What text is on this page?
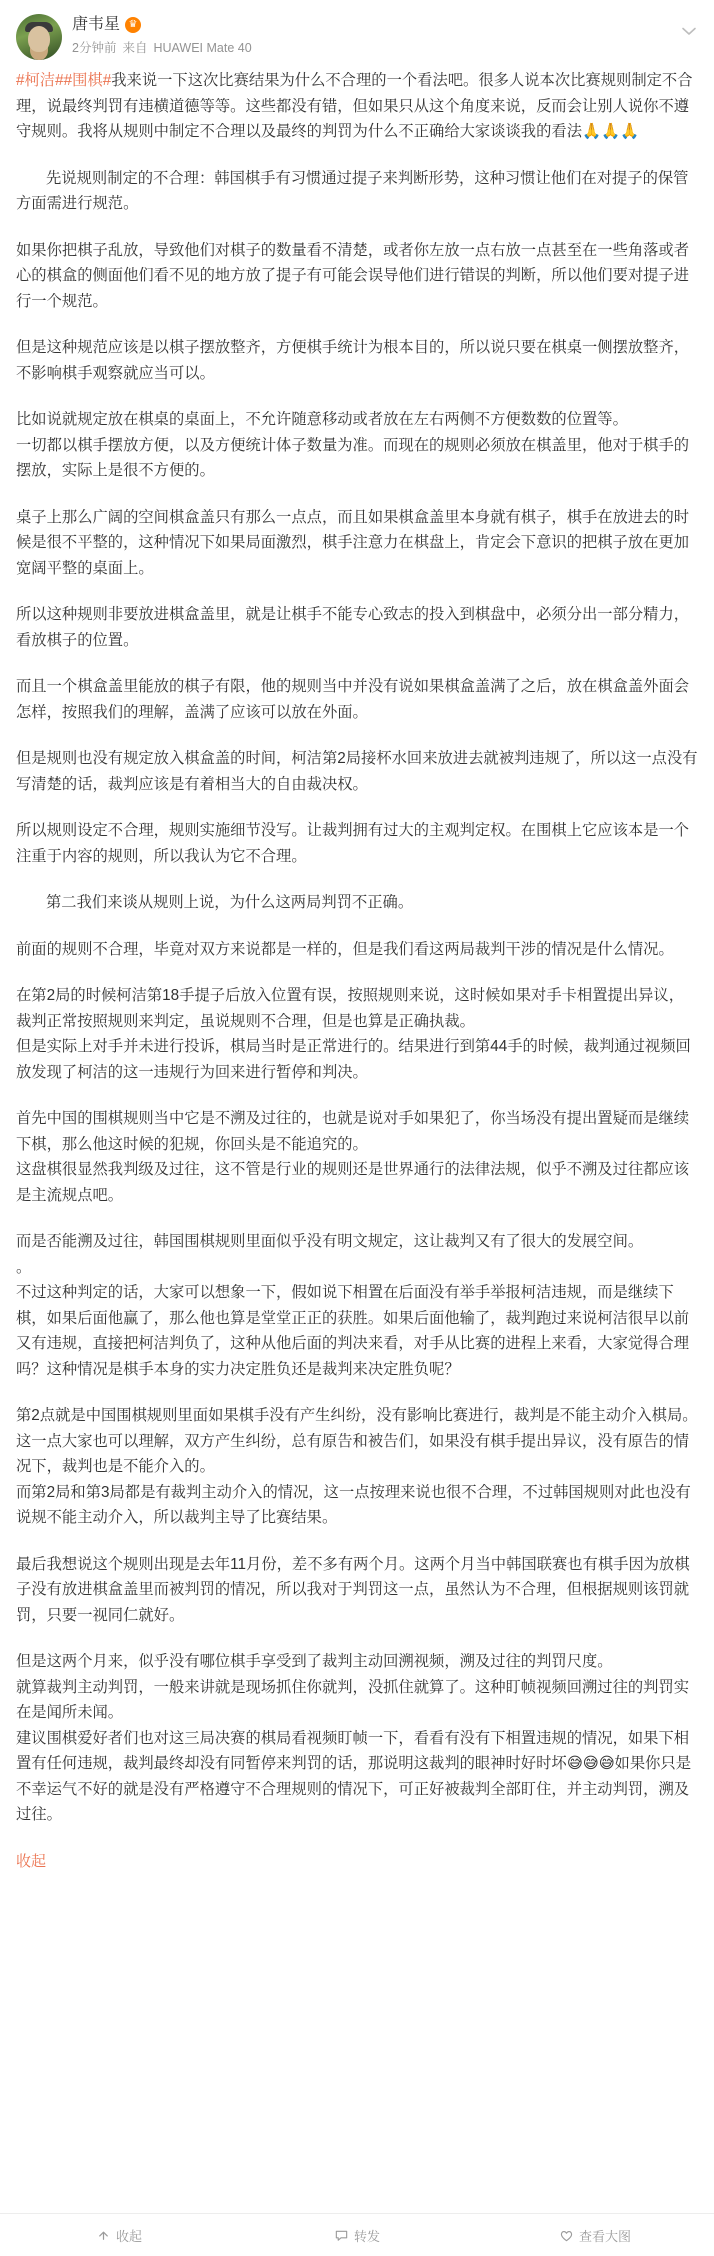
唐韦星 ♛
2分钟前 来自 HUAWEI Mate 40

#柯洁##围棋#我来说一下这次比赛结果为什么不合理的一个看法吧。很多人说本次比赛规则制定不合理，说最终判罚有违横道德等等。这些都没有错，但如果只从这个角度来说，反而会让别人说你不遵守规则。我将从规则中制定不合理以及最终的判罚为什么不正确给大家谈谈我的看法🙏🙏🙏

先说规则制定的不合理：韩国棋手有习惯通过提子来判断形势，这种习惯让他们在对提子的保管方面需进行规范。

如果你把棋子乱放，导致他们对棋子的数量看不清楚，或者你左放一点右放一点甚至在一些角落或者心的棋盒的侧面他们看不见的地方放了提子有可能会误导他们进行错误的判断，所以他们要对提子进行一个规范。

但是这种规范应该是以棋子摆放整齐，方便棋手统计为根本目的，所以说只要在棋桌一侧摆放整齐，不影响棋手观察就应当可以。

比如说就规定放在棋桌的桌面上，不允许随意移动或者放在左右两侧不方便数数的位置等。

一切都以棋手摆放方便，以及方便统计体子数量为准。而现在的规则必须放在棋盖里，他对于棋手的摆放，实际上是很不方便的。

桌子上那么广阔的空间棋盒盖只有那么一点点，而且如果棋盒盖里本身就有棋子，棋手在放进去的时候是很不平整的，这种情况下如果局面激烈，棋手注意力在棋盘上，肯定会下意识的把棋子放在更加宽阔平整的桌面上。

所以这种规则非要放进棋盒盖里，就是让棋手不能专心致志的投入到棋盘中，必须分出一部分精力，看放棋子的位置。

而且一个棋盒盖里能放的棋子有限，他的规则当中并没有说如果棋盒盖满了之后，放在棋盒盖外面会怎样，按照我们的理解，盖满了应该可以放在外面。

但是规则也没有规定放入棋盒盖的时间，柯洁第2局接杯水回来放进去就被判违规了，所以这一点没有写清楚的话，裁判应该是有着相当大的自由裁决权。

所以规则设定不合理，规则实施细节没写。让裁判拥有过大的主观判定权。在围棋上它应该本是一个注重于内容的规则，所以我认为它不合理。

第二我们来谈从规则上说，为什么这两局判罚不正确。

前面的规则不合理，毕竟对双方来说都是一样的，但是我们看这两局裁判干涉的情况是什么情况。

在第2局的时候柯洁第18手提子后放入位置有误，按照规则来说，这时候如果对手卡相置提出异议，裁判正常按照规则来判定，虽说规则不合理，但是也算是正确执裁。

但是实际上对手并未进行投诉，棋局当时是正常进行的。结果进行到第44手的时候，裁判通过视频回放发现了柯洁的这一违规行为回来进行暂停和判决。

首先中国的围棋规则当中它是不溯及过往的，也就是说对手如果犯了，你当场没有提出置疑而是继续下棋，那么他这时候的犯规，你回头是不能追究的。

这盘棋很显然我判级及过往，这不管是行业的规则还是世界通行的法律法规，似乎不溯及过往都应该是主流规点吧。

而是否能溯及过往，韩国围棋规则里面似乎没有明文规定，这让裁判又有了很大的发展空间。

。

不过这种判定的话，大家可以想象一下，假如说下相置在后面没有举手举报柯洁违规，而是继续下棋，如果后面他赢了，那么他也算是堂堂正正的获胜。如果后面他输了，裁判跑过来说柯洁很早以前又有违规，直接把柯洁判负了，这种从他后面的判决来看，对手从比赛的进程上来看，大家觉得合理吗？这种情况是棋手本身的实力决定胜负还是裁判来决定胜负呢？

第2点就是中国围棋规则里面如果棋手没有产生纠纷，没有影响比赛进行，裁判是不能主动介入棋局。

这一点大家也可以理解，双方产生纠纷，总有原告和被告们，如果没有棋手提出异议，没有原告的情况下，裁判也是不能介入的。

而第2局和第3局都是有裁判主动介入的情况，这一点按理来说也很不合理，不过韩国规则对此也没有说规不能主动介入，所以裁判主导了比赛结果。

最后我想说这个规则出现是去年11月份，差不多有两个月。这两个月当中韩国联赛也有棋手因为放棋子没有放进棋盒盖里而被判罚的情况，所以我对于判罚这一点，虽然认为不合理，但根据规则该罚就罚，只要一视同仁就好。

但是这两个月来，似乎没有哪位棋手享受到了裁判主动回溯视频，溯及过往的判罚尺度。

就算裁判主动判罚，一般来讲就是现场抓住你就判，没抓住就算了。这种盯帧视频回溯过往的判罚实在是闻所未闻。

建议围棋爱好者们也对这三局决赛的棋局看视频盯帧一下，看看有没有下相置违规的情况，如果下相置有任何违规，裁判最终却没有同暂停来判罚的话，那说明这裁判的眼神时好时坏😅😅😅如果你只是不幸运气不好的就是没有严格遵守不合理规则的情况下，可正好被裁判全部盯住，并主动判罚，溯及过往。

收起

收起	转发	查看大图
